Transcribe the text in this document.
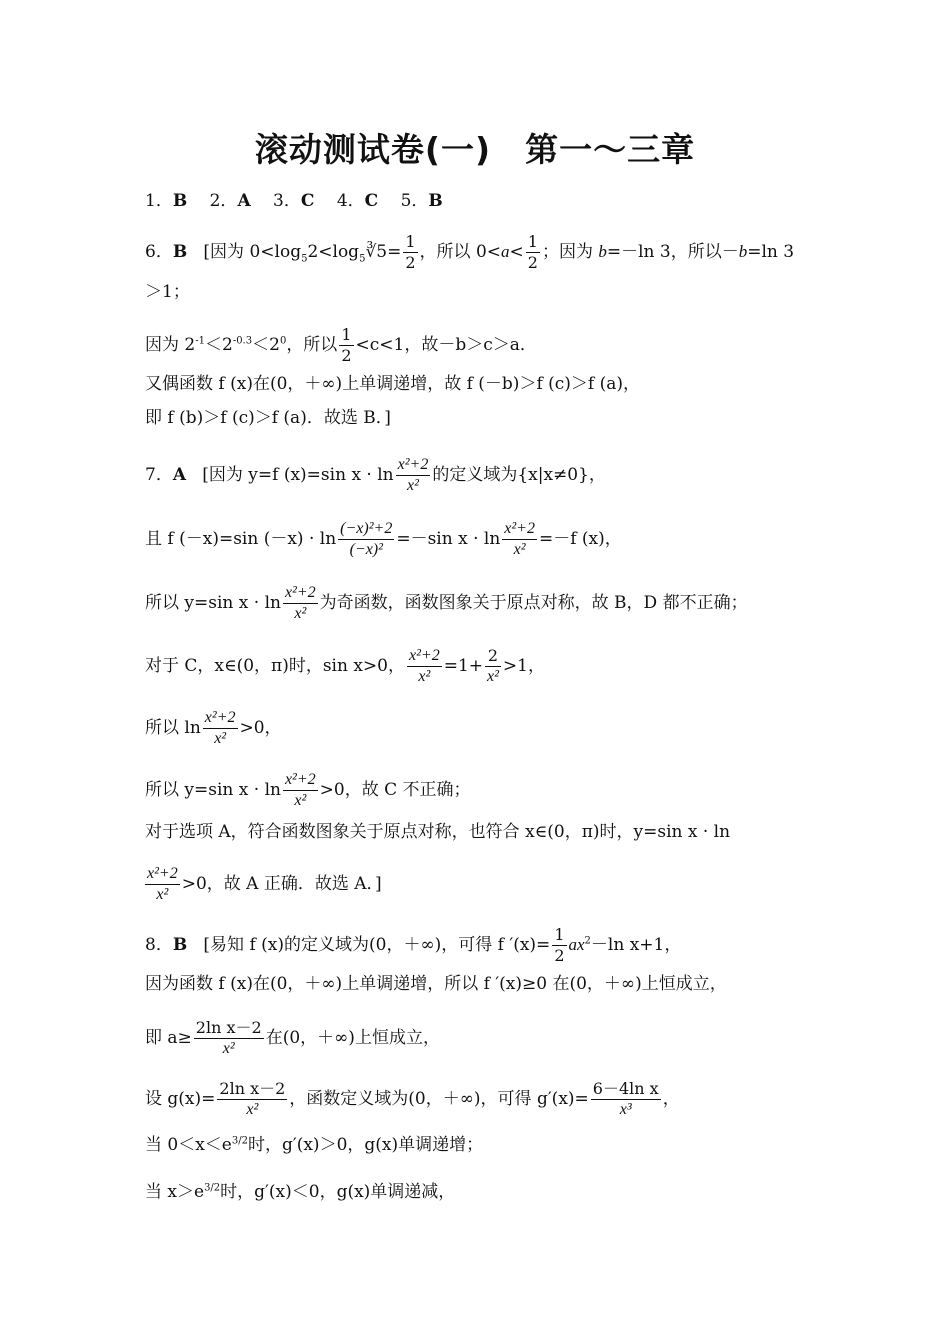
滚动测试卷(一)　第一～三章
1．B  2．A  3．C  4．C  5．B
6．B [因为 $0<\log_52<\log_5∛5= \frac{1}{2}$ ，所以 $0<a< \frac{1}{2}$ ；因为 b=－ln 3，所以－b=ln 3
＞1；
因为 $2^{-1}<2^{-0.3}<2^0$，所以 $\frac{1}{2} <c<1$，故－b＞c＞a．
又偶函数 f (x)在(0，＋∞)上单调递增，故 f (－b)＞f (c)＞f (a)，
即 f (b)＞f (c)＞f (a)．故选 B．]
7．A [因为 y=f (x)=sin $x \cdot \ln \frac{\text{x²+2}}{\text{x²}}$ 的定义域为{x|x≠0}，
且 f (－x)=sin $(-x) \cdot \ln \frac{\text{(−x)²+2}}{\text{(−x)²}} =-\sin$ $x \cdot \ln \frac{\text{x²+2}}{\text{x²}} =-f$ (x)，
所以 y=sin $x \cdot \ln \frac{\text{x²+2}}{\text{x²}}$ 为奇函数，函数图象关于原点对称，故 B，D 都不正确；
对于 C，x∈(0，π)时，sin x>0， $\frac{\text{x²+2}}{\text{x²}} =1+ \frac{2}{\text{x²}} >1$，
所以 $\ln \frac{\text{x²+2}}{\text{x²}} >0$，
所以 y=sin $x \cdot \ln \frac{\text{x²+2}}{\text{x²}} >0$，故 C 不正确；
对于选项 A，符合函数图象关于原点对称，也符合 x∈(0，π)时，y=sin x · ln
$\frac{\text{x²+2}}{\text{x²}} >0$，故 A 正确．故选 A．]
8．B [易知 f (x)的定义域为(0，＋∞)，可得 f $'(x)= \frac{1}{2} ax^2-\ln$ x+1，
因为函数 f (x)在(0，＋∞)上单调递增，所以 f ′(x)≥0 在(0，＋∞)上恒成立，
即 $a\ge \frac{\text{2ln x－2}}{\text{x²}}$ 在(0，＋∞)上恒成立，
设 $g(x)= \frac{\text{2ln x－2}}{\text{x²}}$ ，函数定义域为(0，＋∞)，可得 $g'(x)= \frac{\text{6－4ln x}}{\text{x³}}$ ，
当 $0<x<e^{3/2}$时，g′(x)＞0，g(x)单调递增；
当 $x>e^{3/2}$时，g′(x)＜0，g(x)单调递减，
